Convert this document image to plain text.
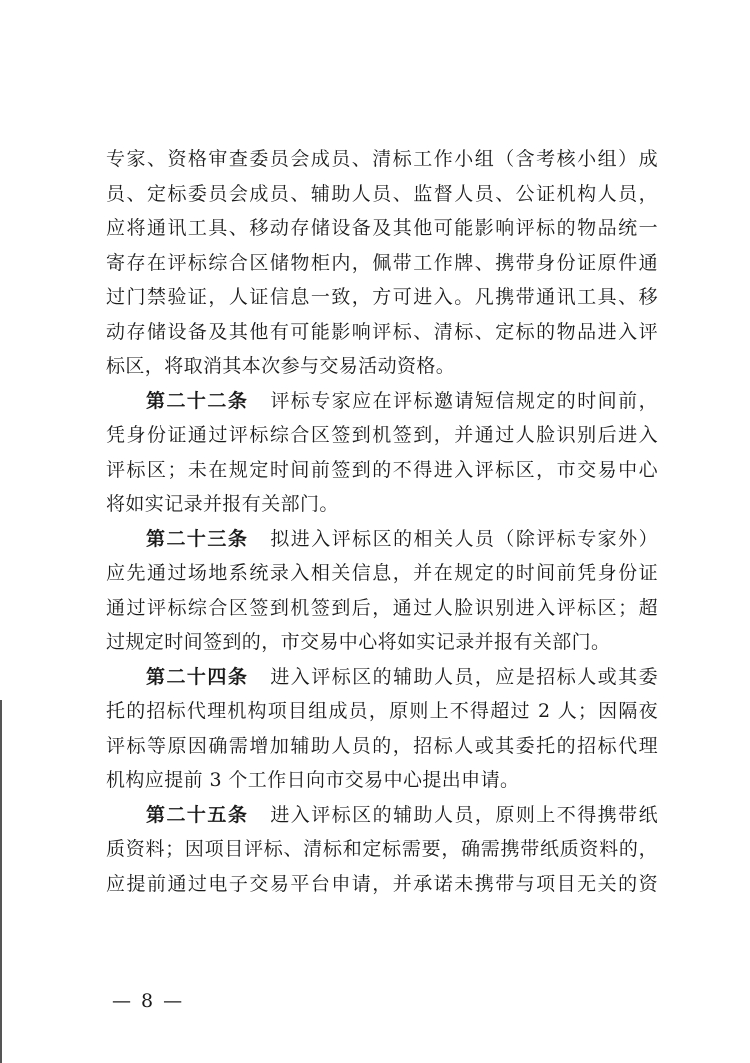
专家、资格审查委员会成员、清标工作小组（含考核小组）成
员、定标委员会成员、辅助人员、监督人员、公证机构人员，
应将通讯工具、移动存储设备及其他可能影响评标的物品统一
寄存在评标综合区储物柜内，佩带工作牌、携带身份证原件通
过门禁验证，人证信息一致，方可进入。凡携带通讯工具、移
动存储设备及其他有可能影响评标、清标、定标的物品进入评
标区，将取消其本次参与交易活动资格。
第二十二条 评标专家应在评标邀请短信规定的时间前，
凭身份证通过评标综合区签到机签到，并通过人脸识别后进入
评标区；未在规定时间前签到的不得进入评标区，市交易中心
将如实记录并报有关部门。
第二十三条 拟进入评标区的相关人员（除评标专家外）
应先通过场地系统录入相关信息，并在规定的时间前凭身份证
通过评标综合区签到机签到后，通过人脸识别进入评标区；超
过规定时间签到的，市交易中心将如实记录并报有关部门。
第二十四条 进入评标区的辅助人员，应是招标人或其委
托的招标代理机构项目组成员，原则上不得超过 2 人；因隔夜
评标等原因确需增加辅助人员的，招标人或其委托的招标代理
机构应提前 3 个工作日向市交易中心提出申请。
第二十五条 进入评标区的辅助人员，原则上不得携带纸
质资料；因项目评标、清标和定标需要，确需携带纸质资料的，
应提前通过电子交易平台申请，并承诺未携带与项目无关的资
— 8 —
